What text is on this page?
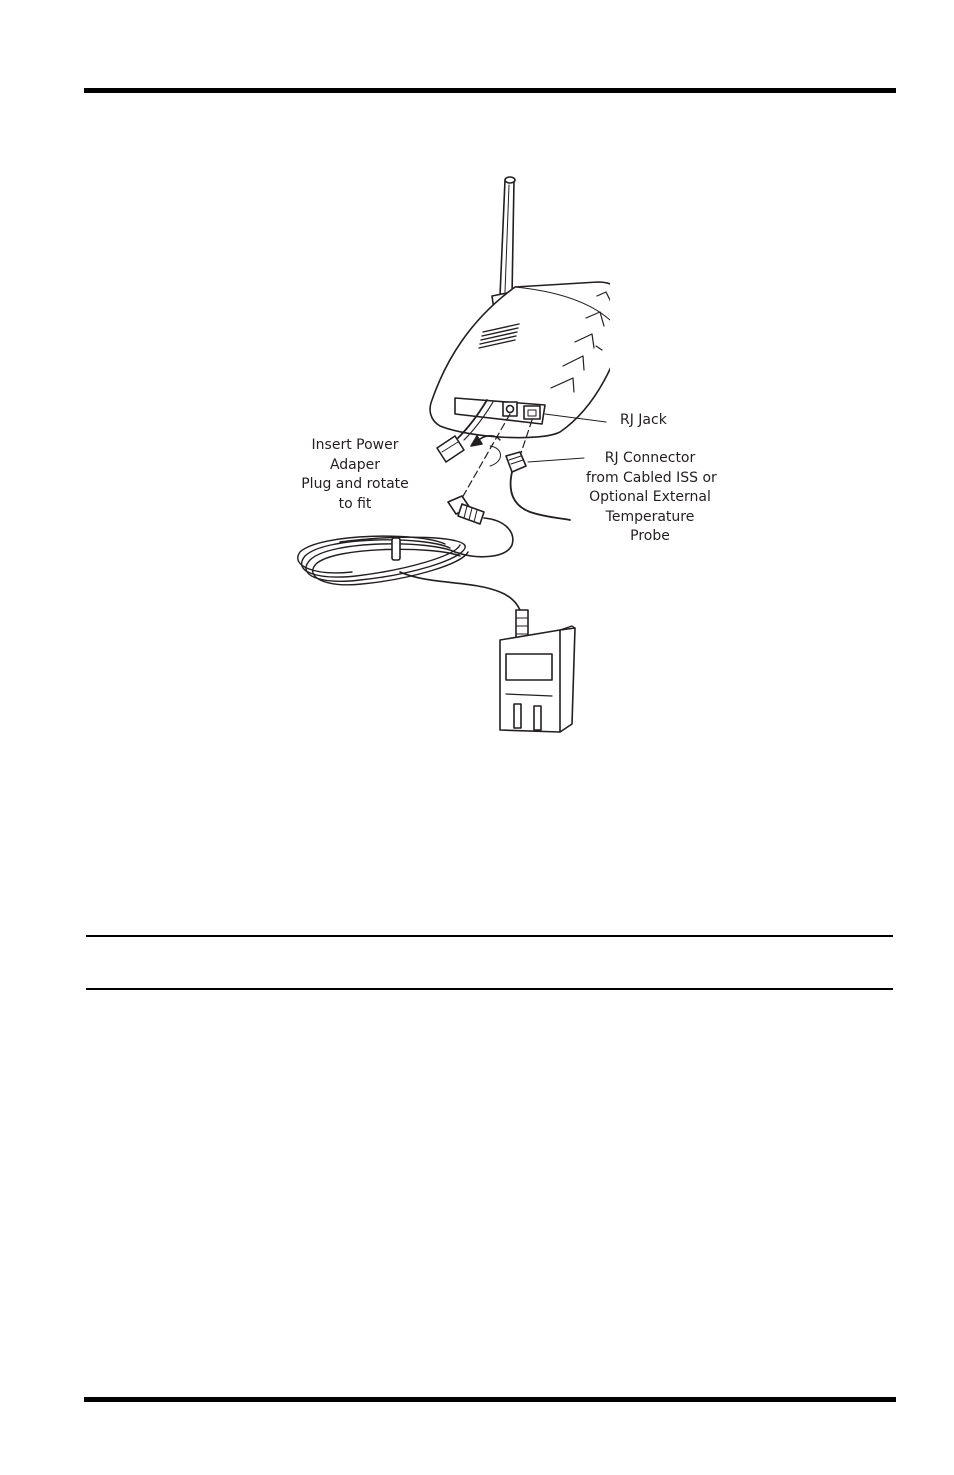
Insert Power
Adaper
Plug and rotate
to fit
RJ Jack
RJ Connector
from Cabled ISS or
Optional External
Temperature
Probe
